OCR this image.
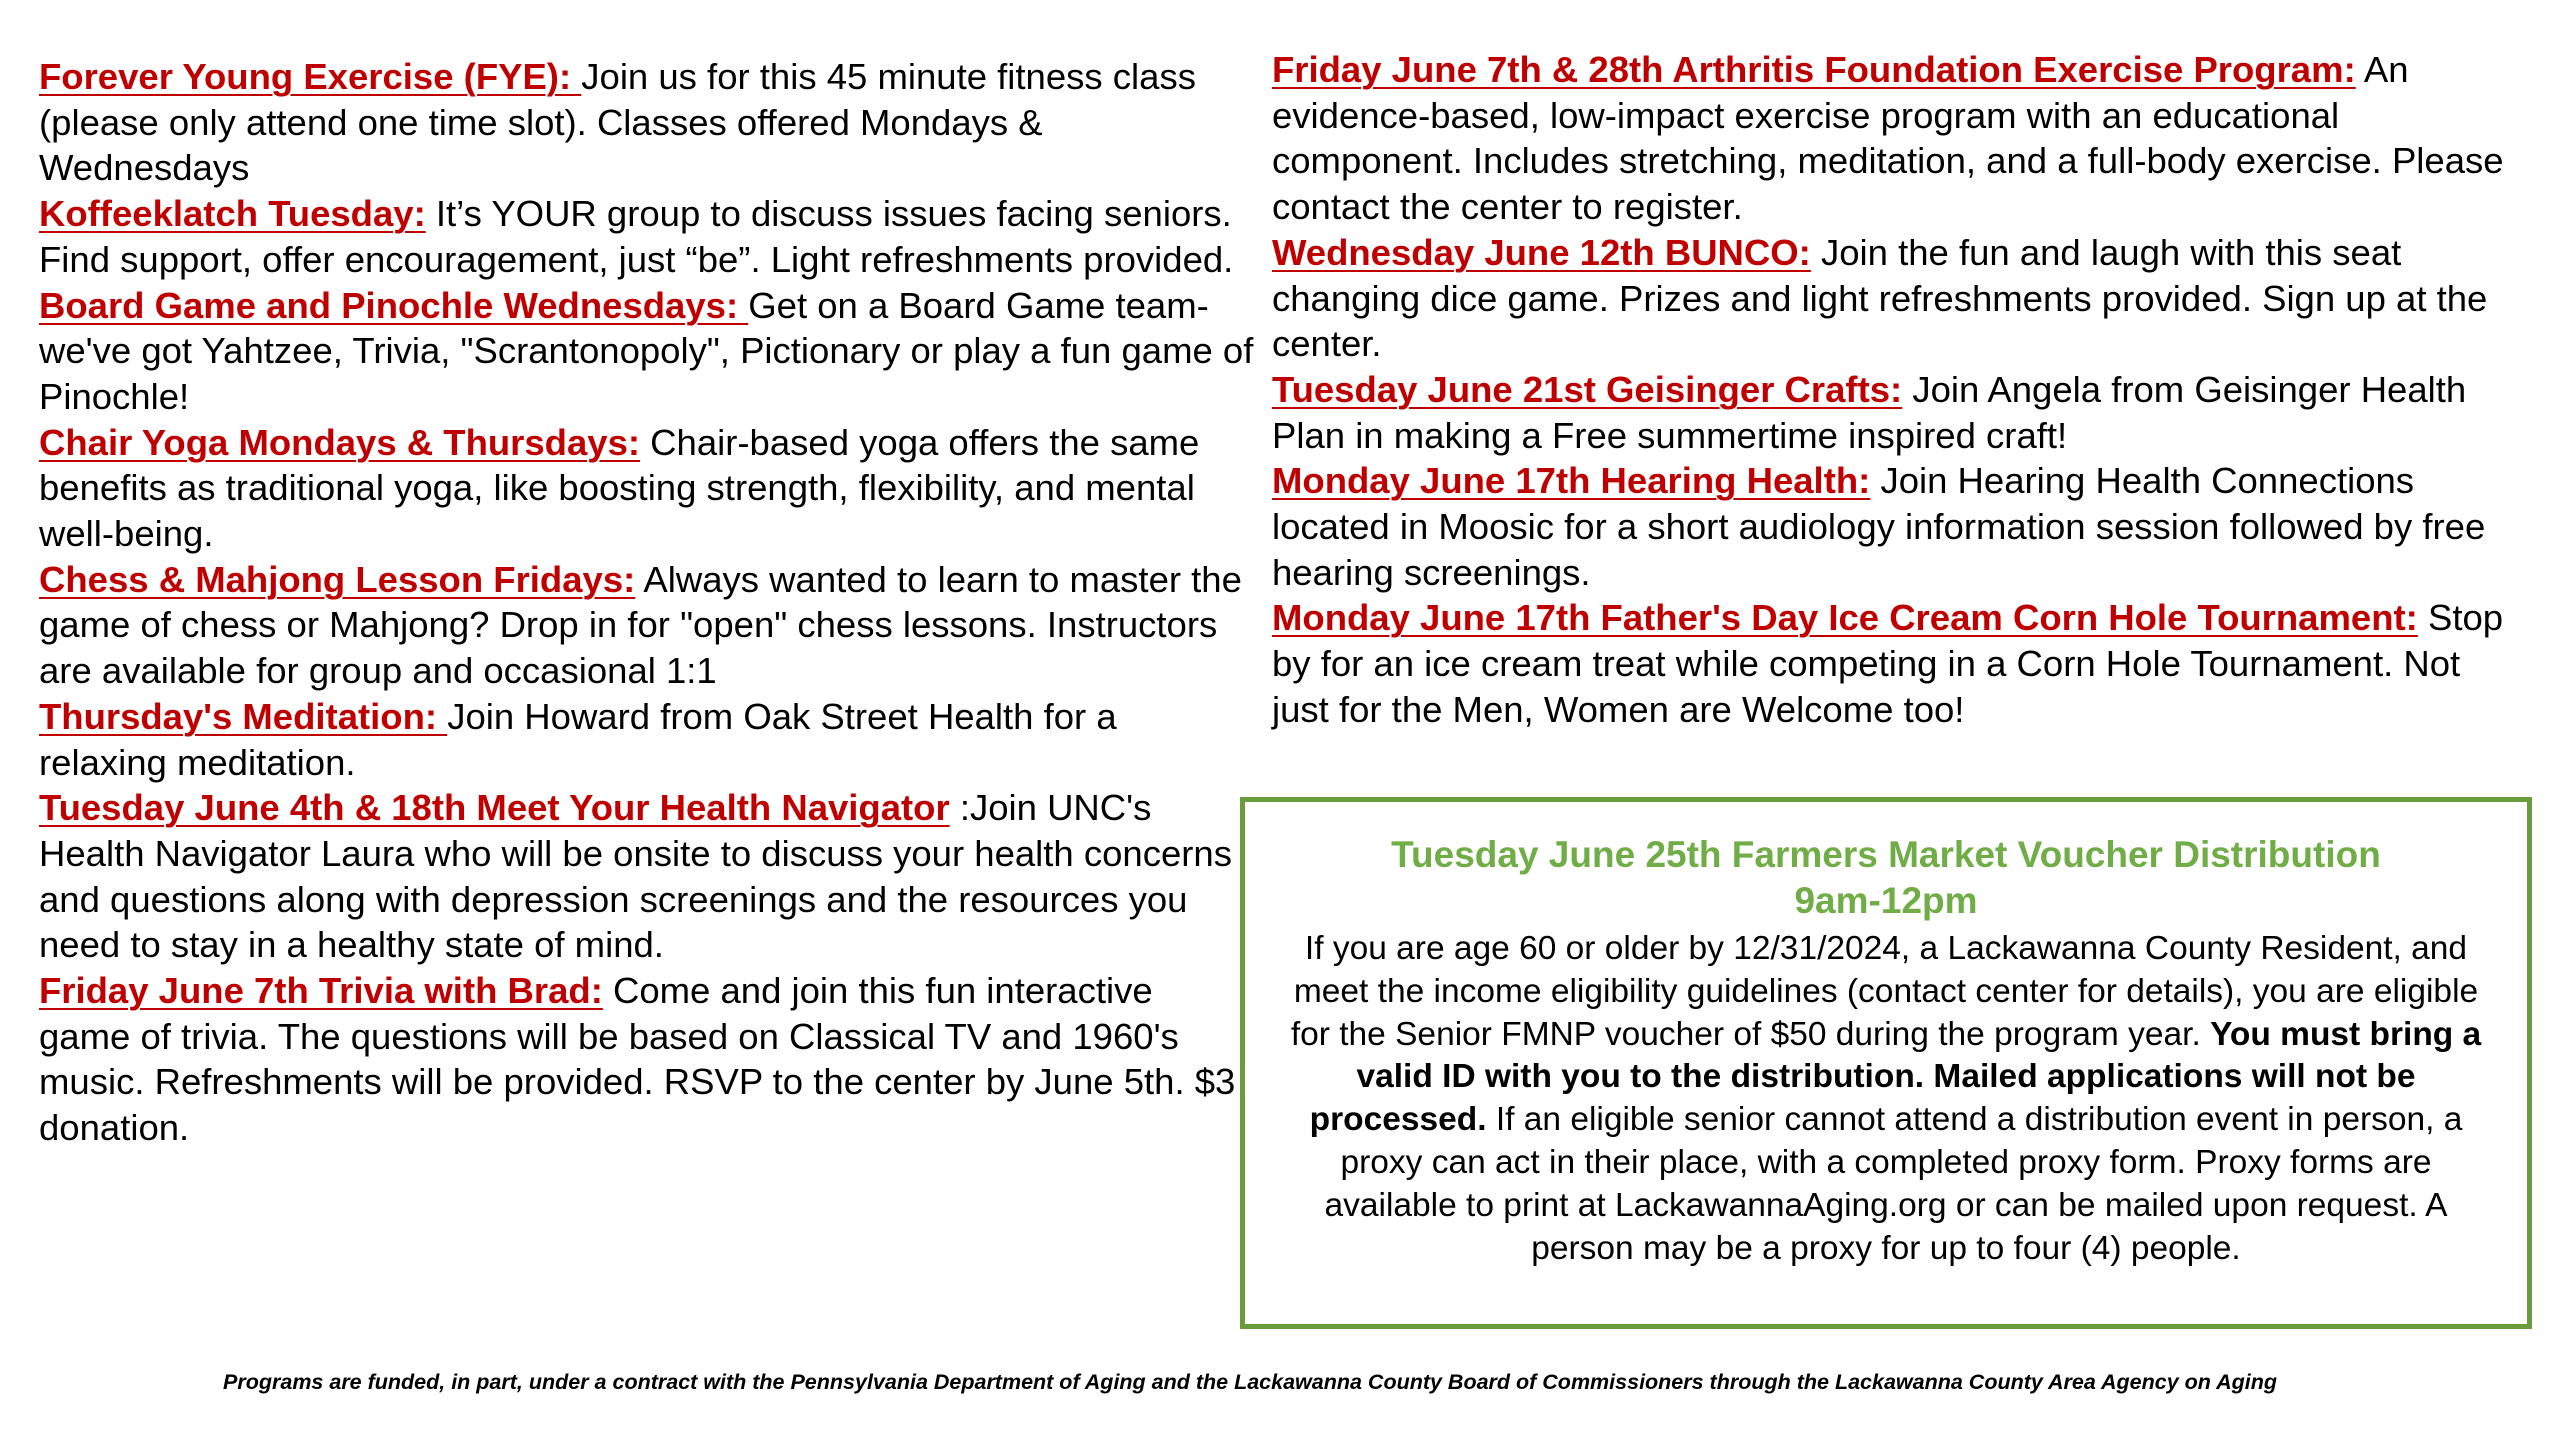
Forever Young Exercise (FYE): Join us for this 45 minute fitness class (please only attend one time slot). Classes offered Mondays & Wednesdays

Koffeeklatch Tuesday: It’s YOUR group to discuss issues facing seniors. Find support, offer encouragement, just “be”. Light refreshments provided.

Board Game and Pinochle Wednesdays: Get on a Board Game team-we've got Yahtzee, Trivia, "Scrantonopoly", Pictionary or play a fun game of Pinochle!

Chair Yoga Mondays & Thursdays: Chair-based yoga offers the same benefits as traditional yoga, like boosting strength, flexibility, and mental well-being.

Chess & Mahjong Lesson Fridays: Always wanted to learn to master the game of chess or Mahjong? Drop in for "open" chess lessons. Instructors are available for group and occasional 1:1

Thursday's Meditation: Join Howard from Oak Street Health for a relaxing meditation.

Tuesday June 4th & 18th Meet Your Health Navigator :Join UNC's Health Navigator Laura who will be onsite to discuss your health concerns and questions along with depression screenings and the resources you need to stay in a healthy state of mind.

Friday June 7th Trivia with Brad: Come and join this fun interactive game of trivia. The questions will be based on Classical TV and 1960's music. Refreshments will be provided. RSVP to the center by June 5th. $3 donation.

Friday June 7th & 28th Arthritis Foundation Exercise Program: An evidence-based, low-impact exercise program with an educational component. Includes stretching, meditation, and a full-body exercise. Please contact the center to register.

Wednesday June 12th BUNCO: Join the fun and laugh with this seat changing dice game. Prizes and light refreshments provided. Sign up at the center.

Tuesday June 21st Geisinger Crafts: Join Angela from Geisinger Health Plan in making a Free summertime inspired craft!

Monday June 17th Hearing Health: Join Hearing Health Connections located in Moosic for a short audiology information session followed by free hearing screenings.

Monday June 17th Father's Day Ice Cream Corn Hole Tournament: Stop by for an ice cream treat while competing in a Corn Hole Tournament. Not just for the Men, Women are Welcome too!

Tuesday June 25th Farmers Market Voucher Distribution
9am-12pm

If you are age 60 or older by 12/31/2024, a Lackawanna County Resident, and meet the income eligibility guidelines (contact center for details), you are eligible for the Senior FMNP voucher of $50 during the program year. You must bring a valid ID with you to the distribution. Mailed applications will not be processed. If an eligible senior cannot attend a distribution event in person, a proxy can act in their place, with a completed proxy form. Proxy forms are available to print at LackawannaAging.org or can be mailed upon request. A person may be a proxy for up to four (4) people.

Programs are funded, in part, under a contract with the Pennsylvania Department of Aging and the Lackawanna County Board of Commissioners through the Lackawanna County Area Agency on Aging
